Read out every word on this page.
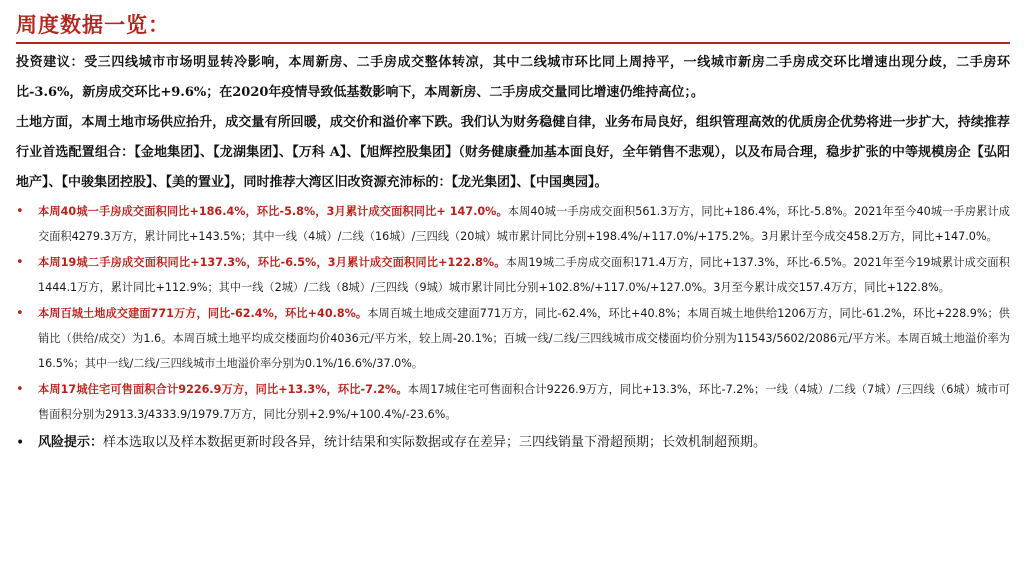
周度数据一览：
投资建议：受三四线城市市场明显转冷影响，本周新房、二手房成交整体转凉，其中二线城市环比同上周持平，一线城市新房二手房成交环比增速出现分歧，二手房环比-3.6%，新房成交环比+9.6%；在2020年疫情导致低基数影响下，本周新房、二手房成交量同比增速仍维持高位；。
土地方面，本周土地市场供应抬升，成交量有所回暖，成交价和溢价率下跌。我们认为财务稳健自律，业务布局良好，组织管理高效的优质房企优势将进一步扩大，持续推荐行业首选配置组合：【金地集团】、【龙湖集团】、【万科 A】、【旭辉控股集团】（财务健康叠加基本面良好，全年销售不悲观），以及布局合理，稳步扩张的中等规模房企【弘阳地产】、【中骏集团控股】、【美的置业】，同时推荐大湾区旧改资源充沛标的：【龙光集团】、【中国奥园】。
•	本周40城一手房成交面积同比+186.4%，环比-5.8%，3月累计成交面积同比+ 147.0%。本周40城一手房成交面积561.3万方，同比+186.4%，环比-5.8%。2021年至今40城一手房累计成交面积4279.3万方，累计同比+143.5%；其中一线（4城）/二线（16城）/三四线（20城）城市累计同比分别+198.4%/+117.0%/+175.2%。3月累计至今成交458.2万方，同比+147.0%。
•	本周19城二手房成交面积同比+137.3%，环比-6.5%，3月累计成交面积同比+122.8%。本周19城二手房成交面积171.4万方，同比+137.3%，环比-6.5%。2021年至今19城累计成交面积1444.1万方，累计同比+112.9%；其中一线（2城）/二线（8城）/三四线（9城）城市累计同比分别+102.8%/+117.0%/+127.0%。3月至今累计成交157.4万方，同比+122.8%。
•	本周百城土地成交建面771万方，同比-62.4%，环比+40.8%。本周百城土地成交建面771万方，同比-62.4%，环比+40.8%；本周百城土地供给1206万方，同比-61.2%，环比+228.9%；供销比（供给/成交）为1.6。本周百城土地平均成交楼面均价4036元/平方米，较上周-20.1%；百城一线/二线/三四线城市成交楼面均价分别为11543/5602/2086元/平方米。本周百城土地溢价率为16.5%；其中一线/二线/三四线城市土地溢价率分别为0.1%/16.6%/37.0%。
•	本周17城住宅可售面积合计9226.9万方，同比+13.3%，环比-7.2%。本周17城住宅可售面积合计9226.9万方，同比+13.3%，环比-7.2%；一线（4城）/二线（7城）/三四线（6城）城市可售面积分别为2913.3/4333.9/1979.7万方，同比分别+2.9%/+100.4%/-23.6%。
• 风险提示：样本选取以及样本数据更新时段各异，统计结果和实际数据或存在差异；三四线销量下滑超预期；长效机制超预期。
